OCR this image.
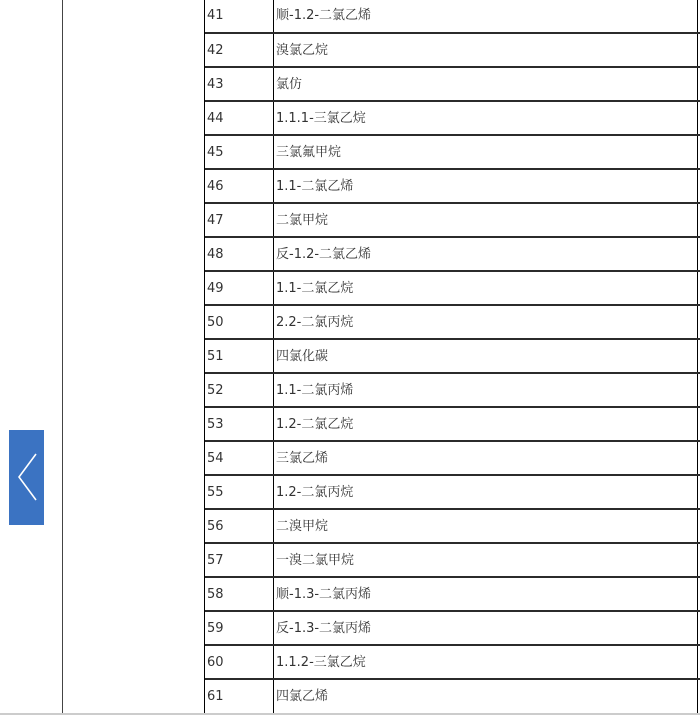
41	顺-1.2-二氯乙烯
42	溴氯乙烷
43	氯仿
44	1.1.1-三氯乙烷
45	三氯氟甲烷
46	1.1-二氯乙烯
47	二氯甲烷
48	反-1.2-二氯乙烯
49	1.1-二氯乙烷
50	2.2-二氯丙烷
51	四氯化碳
52	1.1-二氯丙烯
53	1.2-二氯乙烷
54	三氯乙烯
55	1.2-二氯丙烷
56	二溴甲烷
57	一溴二氯甲烷
58	顺-1.3-二氯丙烯
59	反-1.3-二氯丙烯
60	1.1.2-三氯乙烷
61	四氯乙烯
